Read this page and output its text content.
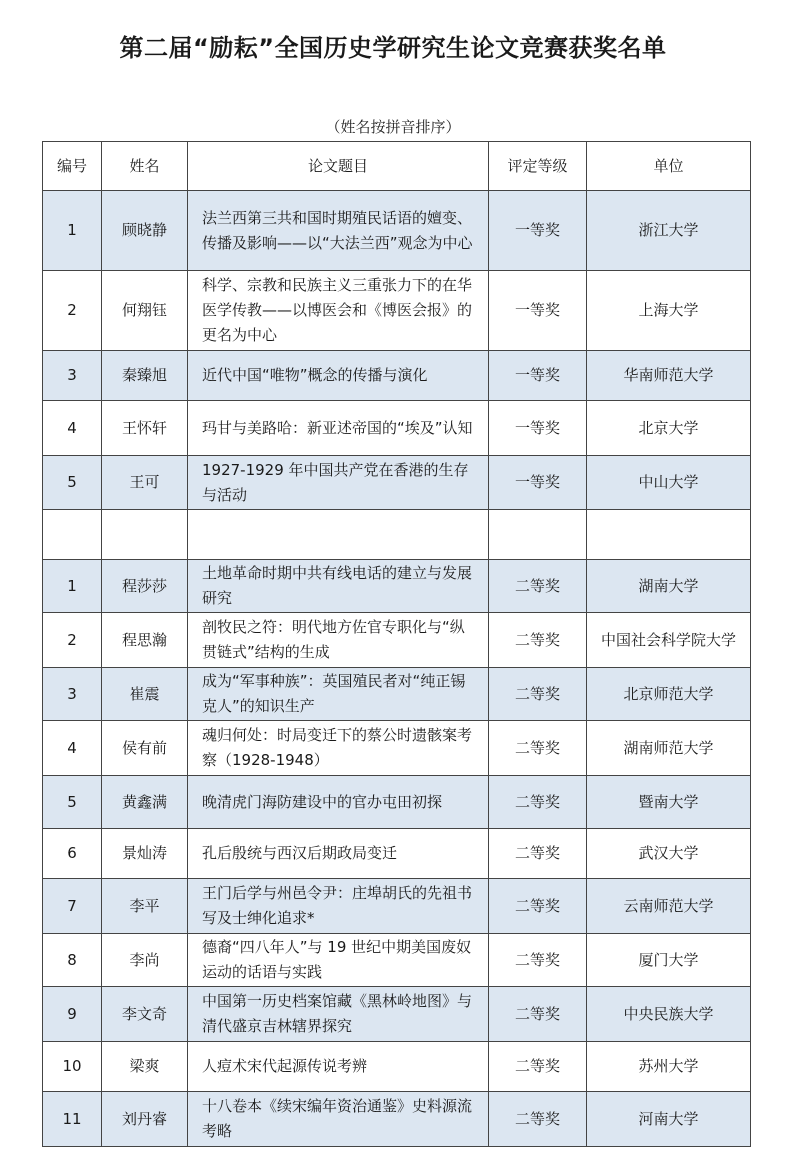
第二届“励耘”全国历史学研究生论文竞赛获奖名单
（姓名按拼音排序）
编号	姓名	论文题目	评定等级	单位
1	顾晓静	法兰西第三共和国时期殖民话语的嬗变、传播及影响——以“大法兰西”观念为中心	一等奖	浙江大学
2	何翔钰	科学、宗教和民族主义三重张力下的在华医学传教——以博医会和《博医会报》的更名为中心	一等奖	上海大学
3	秦臻旭	近代中国“唯物”概念的传播与演化	一等奖	华南师范大学
4	王怀轩	玛甘与美路哈：新亚述帝国的“埃及”认知	一等奖	北京大学
5	王可	1927-1929 年中国共产党在香港的生存与活动	一等奖	中山大学

1	程莎莎	土地革命时期中共有线电话的建立与发展研究	二等奖	湖南大学
2	程思瀚	剖牧民之符：明代地方佐官专职化与“纵贯链式”结构的生成	二等奖	中国社会科学院大学
3	崔震	成为“军事种族”：英国殖民者对“纯正锡克人”的知识生产	二等奖	北京师范大学
4	侯有前	魂归何处：时局变迁下的蔡公时遗骸案考察（1928-1948）	二等奖	湖南师范大学
5	黄鑫满	晚清虎门海防建设中的官办屯田初探	二等奖	暨南大学
6	景灿涛	孔后殷统与西汉后期政局变迁	二等奖	武汉大学
7	李平	王门后学与州邑令尹：庄埠胡氏的先祖书写及士绅化追求*	二等奖	云南师范大学
8	李尚	德裔“四八年人”与 19 世纪中期美国废奴运动的话语与实践	二等奖	厦门大学
9	李文奇	中国第一历史档案馆藏《黑林岭地图》与清代盛京吉林辖界探究	二等奖	中央民族大学
10	梁爽	人痘术宋代起源传说考辨	二等奖	苏州大学
11	刘丹睿	十八卷本《续宋编年资治通鉴》史料源流考略	二等奖	河南大学
